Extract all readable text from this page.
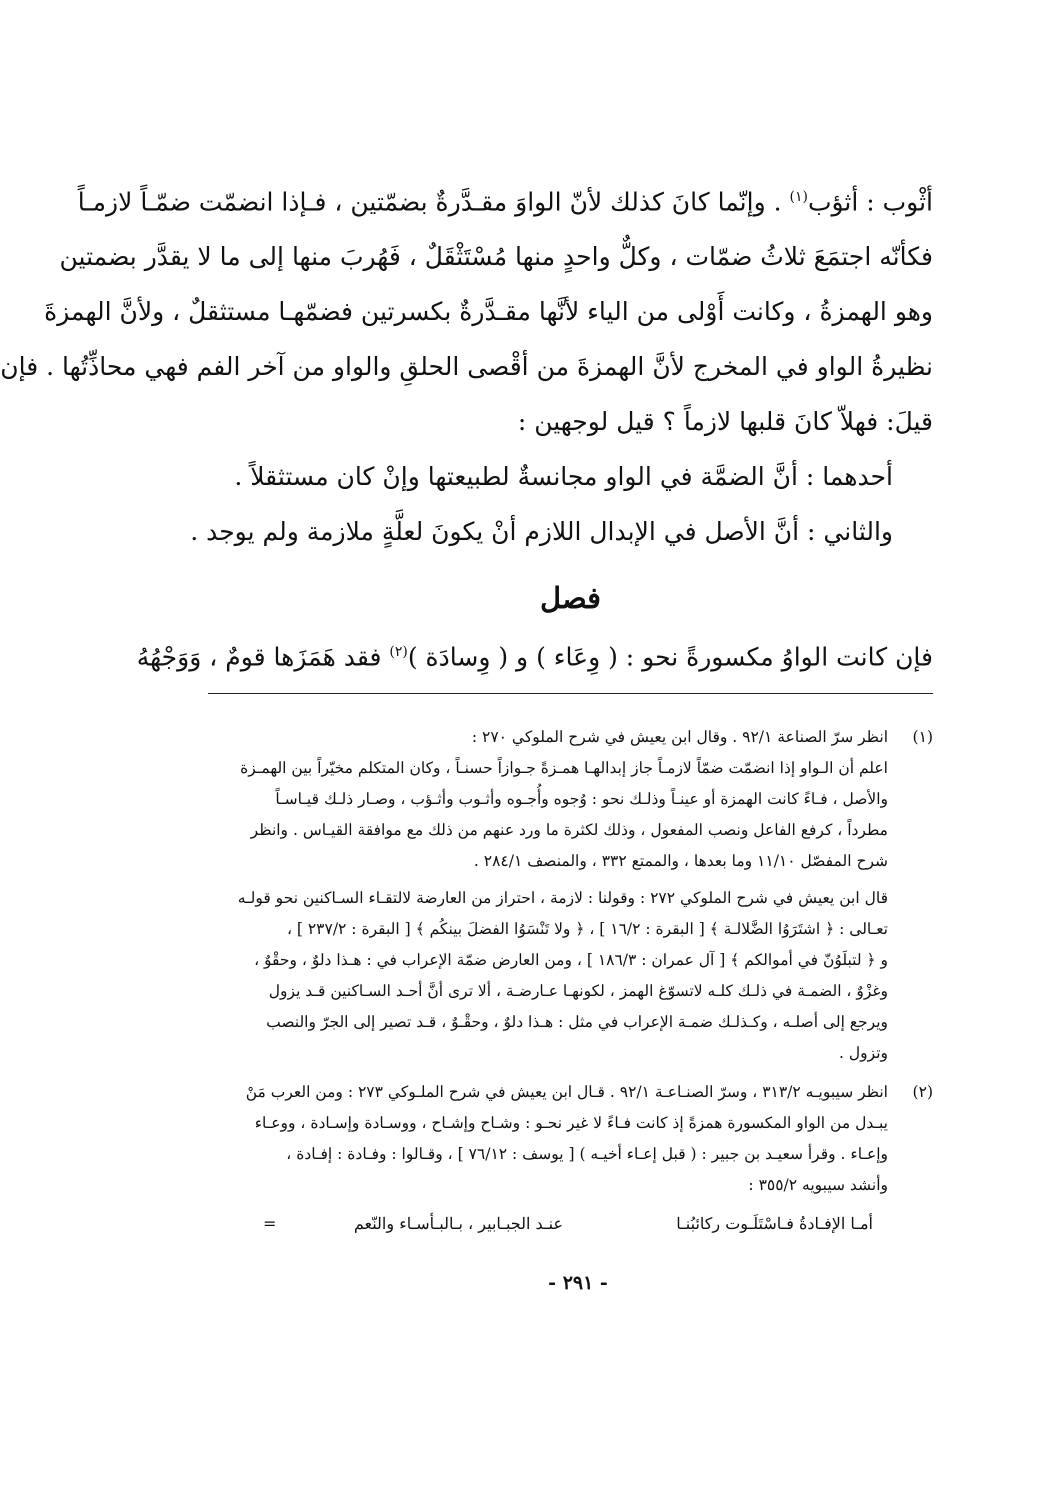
أثْوب : أثؤب$^{(١)}$ . وإنّما كانَ كذلك لأنّ الواوَ مقـدَّرةٌ بضمّتين ، فـإذا انضمّت ضمّـاً لازمـاً
فكأنّه اجتمَعَ ثلاثُ ضمّات ، وكلٌّ واحدٍ منها مُسْتَثْقَلٌ ، فَهُربَ منها إلى ما لا يقدَّر بضمتين
وهو الهمزةُ ، وكانت أَوْلى من الياء لأنَّها مقـدَّرةٌ بكسرتين فضمّهـا مستثقلٌ ، ولأنَّ الهمزةَ
نظيرةُ الواو في المخرج لأنَّ الهمزةَ من أقْصى الحلقِ والواو من آخر الفم فهي محاذِّتُها . فإن
قيلَ: فهلاّ كانَ قلبها لازماً ؟ قيل لوجهين :

أحدهما : أنَّ الضمَّة في الواو مجانسةٌ لطبيعتها وإنْ كان مستثقلاً .

والثاني : أنَّ الأصل في الإبدال اللازم أنْ يكونَ لعلَّةٍ ملازمة ولم يوجد .

فصل

فإن كانت الواوُ مكسورةً نحو : ( وِعَاء ) و ( وِسادَة )$^{(٢)}$ فقد هَمَزَها قومٌ ، وَوَجْهُهُ

(١)
انظر سرّ الصناعة ٩٢/١ . وقال ابن يعيش في شرح الملوكي ٢٧٠ :
اعلم أن الـواو إذا انضمّت ضمّاً لازمـاً جاز إبدالهـا همـزةً جـوازاً حسنـاً ، وكان المتكلم مخيّراً بين الهمـزة
والأصل ، فـاءً كانت الهمزة أو عينـاً وذلـك نحو : وُجوه وأُجـوه وأثـوب وأثـؤب ، وصـار ذلـك قيـاسـاً
مطرداً ، كرفع الفاعل ونصب المفعول ، وذلك لكثرة ما ورد عنهم من ذلك مع موافقة القيـاس . وانظر
شرح المفصّل ١١/١٠ وما بعدها ، والممتع ٣٣٢ ، والمنصف ٢٨٤/١ .
قال ابن يعيش في شرح الملوكي ٢٧٢ : وقولنا : لازمة ، احتراز من العارضة لالتقـاء السـاكنين نحو قولـه
تعـالى : ﴿ اشتَرَوُا الضَّلالـة ﴾ [ البقرة : ١٦/٢ ] ، ﴿ ولا تَنْسَوُا الفضلَ بينكُم ﴾ [ البقرة : ٢٣٧/٢ ] ،
و ﴿ لتبلَوُنّ في أموالكم ﴾ [ آل عمران : ١٨٦/٣ ] ، ومن العارض ضمّة الإعراب في : هـذا دلوٌ ، وحقْوٌ ،
وغزْوٌ ، الضمـة في ذلـك كلـه لاتسوّغ الهمز ، لكونهـا عـارضـة ، ألا ترى أنَّ أحـد السـاكنين قـد يزول
ويرجع إلى أصلـه ، وكـذلـك ضمـة الإعراب في مثل : هـذا دلوٌ ، وحقْـوٌ ، قـد تصير إلى الجرّ والنصب
وتزول .
(٢)
انظر سيبويـه ٣١٣/٢ ، وسرّ الصنـاعـة ٩٢/١ . قـال ابن يعيش في شرح الملـوكي ٢٧٣ : ومن العرب مَنْ
يبـدل من الواو المكسورة همزةً إذ كانت فـاءً لا غير نحـو : وشـاح وإشـاح ، ووسـادة وإسـادة ، ووعـاء
وإعـاء . وقرأ سعيـد بن جبير : ( قبل إعـاء أخيـه ) [ يوسف : ٧٦/١٢ ] ، وقـالوا : وفـادة : إفـادة ،
وأنشد سيبويه ٣٥٥/٢ :
أمـا الإفـادةُ فـاسْتَلَـوت ركائبُنـا
عنـد الجبـابير ، بـالبـأسـاء والنّعم
=
- ٢٩١ -
